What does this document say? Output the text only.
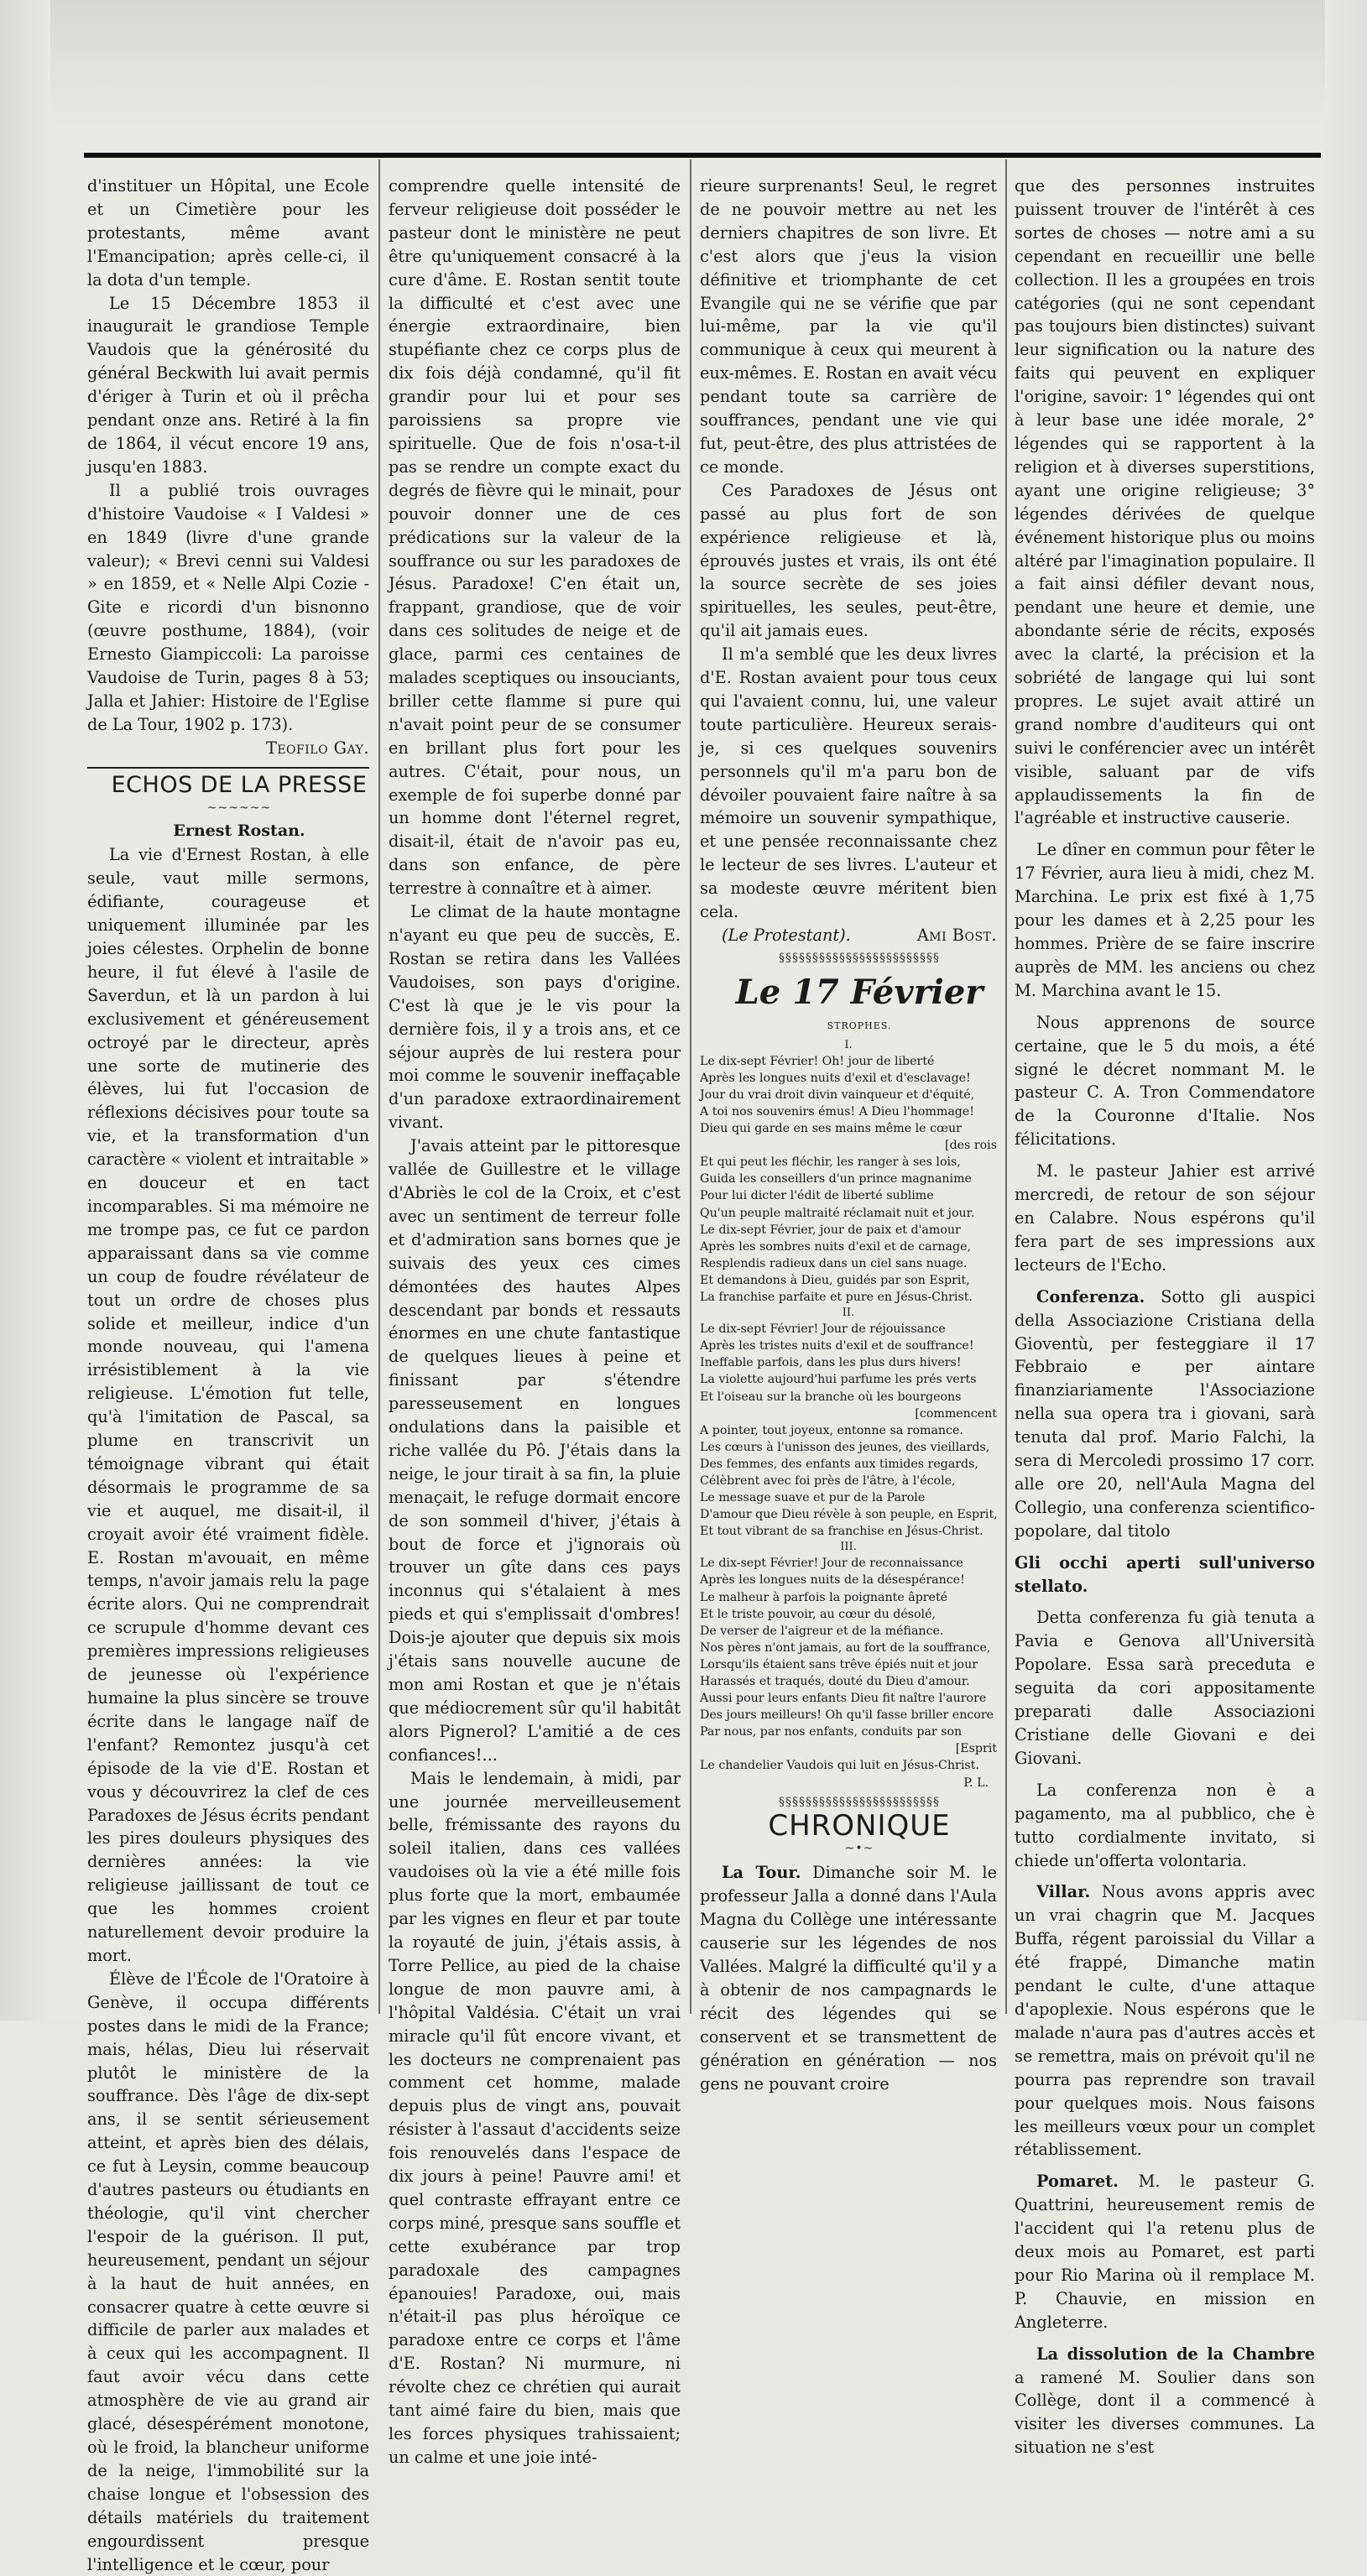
d'instituer un Hôpital, une Ecole et un Cimetière pour les protestants, même avant l'Emancipation; après celle-ci, il la dota d'un temple.

Le 15 Décembre 1853 il inaugurait le grandiose Temple Vaudois que la générosité du général Beckwith lui avait permis d'ériger à Turin et où il prêcha pendant onze ans. Retiré à la fin de 1864, il vécut encore 19 ans, jusqu'en 1883.

Il a publié trois ouvrages d'histoire Vaudoise « I Valdesi » en 1849 (livre d'une grande valeur); « Brevi cenni sui Valdesi » en 1859, et « Nelle Alpi Cozie - Gite e ricordi d'un bisnonno (œuvre posthume, 1884), (voir Ernesto Giampiccoli: La paroisse Vaudoise de Turin, pages 8 à 53; Jalla et Jahier: Histoire de l'Eglise de La Tour, 1902 p. 173).

Teofilo Gay.

ECHOS DE LA PRESSE

~~~~~~

Ernest Rostan.

La vie d'Ernest Rostan, à elle seule, vaut mille sermons, édifiante, courageuse et uniquement illuminée par les joies célestes. Orphelin de bonne heure, il fut élevé à l'asile de Saverdun, et là un pardon à lui exclusivement et généreusement octroyé par le directeur, après une sorte de mutinerie des élèves, lui fut l'occasion de réflexions décisives pour toute sa vie, et la transformation d'un caractère « violent et intraitable » en douceur et en tact incomparables. Si ma mémoire ne me trompe pas, ce fut ce pardon apparaissant dans sa vie comme un coup de foudre révélateur de tout un ordre de choses plus solide et meilleur, indice d'un monde nouveau, qui l'amena irrésistiblement à la vie religieuse. L'émotion fut telle, qu'à l'imitation de Pascal, sa plume en transcrivit un témoignage vibrant qui était désormais le programme de sa vie et auquel, me disait-il, il croyait avoir été vraiment fidèle. E. Rostan m'avouait, en même temps, n'avoir jamais relu la page écrite alors. Qui ne comprendrait ce scrupule d'homme devant ces premières impressions religieuses de jeunesse où l'expérience humaine la plus sincère se trouve écrite dans le langage naïf de l'enfant? Remontez jusqu'à cet épisode de la vie d'E. Rostan et vous y découvrirez la clef de ces Paradoxes de Jésus écrits pendant les pires douleurs physiques des dernières années: la vie religieuse jaillissant de tout ce que les hommes croient naturellement devoir produire la mort.

Élève de l'École de l'Oratoire à Genève, il occupa différents postes dans le midi de la France; mais, hélas, Dieu lui réservait plutôt le ministère de la souffrance. Dès l'âge de dix-sept ans, il se sentit sérieusement atteint, et après bien des délais, ce fut à Leysin, comme beaucoup d'autres pasteurs ou étudiants en théologie, qu'il vint chercher l'espoir de la guérison. Il put, heureusement, pendant un séjour à la haut de huit années, en consacrer quatre à cette œuvre si difficile de parler aux malades et à ceux qui les accompagnent. Il faut avoir vécu dans cette atmosphère de vie au grand air glacé, désespérément monotone, où le froid, la blancheur uniforme de la neige, l'immobilité sur la chaise longue et l'obsession des détails matériels du traitement engourdissent presque l'intelligence et le cœur, pour

comprendre quelle intensité de ferveur religieuse doit posséder le pasteur dont le ministère ne peut être qu'uniquement consacré à la cure d'âme. E. Rostan sentit toute la difficulté et c'est avec une énergie extraordinaire, bien stupéfiante chez ce corps plus de dix fois déjà condamné, qu'il fit grandir pour lui et pour ses paroissiens sa propre vie spirituelle. Que de fois n'osa-t-il pas se rendre un compte exact du degrés de fièvre qui le minait, pour pouvoir donner une de ces prédications sur la valeur de la souffrance ou sur les paradoxes de Jésus. Paradoxe! C'en était un, frappant, grandiose, que de voir dans ces solitudes de neige et de glace, parmi ces centaines de malades sceptiques ou insouciants, briller cette flamme si pure qui n'avait point peur de se consumer en brillant plus fort pour les autres. C'était, pour nous, un exemple de foi superbe donné par un homme dont l'éternel regret, disait-il, était de n'avoir pas eu, dans son enfance, de père terrestre à connaître et à aimer.

Le climat de la haute montagne n'ayant eu que peu de succès, E. Rostan se retira dans les Vallées Vaudoises, son pays d'origine. C'est là que je le vis pour la dernière fois, il y a trois ans, et ce séjour auprès de lui restera pour moi comme le souvenir ineffaçable d'un paradoxe extraordinairement vivant.

J'avais atteint par le pittoresque vallée de Guillestre et le village d'Abriès le col de la Croix, et c'est avec un sentiment de terreur folle et d'admiration sans bornes que je suivais des yeux ces cimes démontées des hautes Alpes descendant par bonds et ressauts énormes en une chute fantastique de quelques lieues à peine et finissant par s'étendre paresseusement en longues ondulations dans la paisible et riche vallée du Pô. J'étais dans la neige, le jour tirait à sa fin, la pluie menaçait, le refuge dormait encore de son sommeil d'hiver, j'étais à bout de force et j'ignorais où trouver un gîte dans ces pays inconnus qui s'étalaient à mes pieds et qui s'emplissait d'ombres! Dois-je ajouter que depuis six mois j'étais sans nouvelle aucune de mon ami Rostan et que je n'étais que médiocrement sûr qu'il habitât alors Pignerol? L'amitié a de ces confiances!...

Mais le lendemain, à midi, par une journée merveilleusement belle, frémissante des rayons du soleil italien, dans ces vallées vaudoises où la vie a été mille fois plus forte que la mort, embaumée par les vignes en fleur et par toute la royauté de juin, j'étais assis, à Torre Pellice, au pied de la chaise longue de mon pauvre ami, à l'hôpital Valdésia. C'était un vrai miracle qu'il fût encore vivant, et les docteurs ne comprenaient pas comment cet homme, malade depuis plus de vingt ans, pouvait résister à l'assaut d'accidents seize fois renouvelés dans l'espace de dix jours à peine! Pauvre ami! et quel contraste effrayant entre ce corps miné, presque sans souffle et cette exubérance par trop paradoxale des campagnes épanouies! Paradoxe, oui, mais n'était-il pas plus héroïque ce paradoxe entre ce corps et l'âme d'E. Rostan? Ni murmure, ni révolte chez ce chrétien qui aurait tant aimé faire du bien, mais que les forces physiques trahissaient; un calme et une joie inté-

rieure surprenants! Seul, le regret de ne pouvoir mettre au net les derniers chapitres de son livre. Et c'est alors que j'eus la vision définitive et triomphante de cet Evangile qui ne se vérifie que par lui-même, par la vie qu'il communique à ceux qui meurent à eux-mêmes. E. Rostan en avait vécu pendant toute sa carrière de souffrances, pendant une vie qui fut, peut-être, des plus attristées de ce monde.

Ces Paradoxes de Jésus ont passé au plus fort de son expérience religieuse et là, éprouvés justes et vrais, ils ont été la source secrète de ses joies spirituelles, les seules, peut-être, qu'il ait jamais eues.

Il m'a semblé que les deux livres d'E. Rostan avaient pour tous ceux qui l'avaient connu, lui, une valeur toute particulière. Heureux serais-je, si ces quelques souvenirs personnels qu'il m'a paru bon de dévoiler pouvaient faire naître à sa mémoire un souvenir sympathique, et une pensée reconnaissante chez le lecteur de ses livres. L'auteur et sa modeste œuvre méritent bien cela.

(Le Protestant).	Ami Bost.

§§§§§§§§§§§§§§§§§§§§§§§§

Le 17 Février

STROPHES.

I.
Le dix-sept Février! Oh! jour de liberté
Après les longues nuits d'exil et d'esclavage!
Jour du vrai droit divin vainqueur et d'équité,
A toi nos souvenirs émus! A Dieu l'hommage!
Dieu qui garde en ses mains même le cœur
[des rois
Et qui peut les fléchir, les ranger à ses lois,
Guida les conseillers d'un prince magnanime
Pour lui dicter l'édit de liberté sublime
Qu'un peuple maltraité réclamait nuit et jour.
Le dix-sept Février, jour de paix et d'amour
Après les sombres nuits d'exil et de carnage,
Resplendis radieux dans un ciel sans nuage.
Et demandons à Dieu, guidés par son Esprit,
La franchise parfaite et pure en Jésus-Christ.
II.
Le dix-sept Février! Jour de réjouissance
Après les tristes nuits d'exil et de souffrance!
Ineffable parfois, dans les plus durs hivers!
La violette aujourd'hui parfume les prés verts
Et l'oiseau sur la branche où les bourgeons
[commencent
A pointer, tout joyeux, entonne sa romance.
Les cœurs à l'unisson des jeunes, des vieillards,
Des femmes, des enfants aux timides regards,
Célèbrent avec foi près de l'âtre, à l'école,
Le message suave et pur de la Parole
D'amour que Dieu révèle à son peuple, en Esprit,
Et tout vibrant de sa franchise en Jésus-Christ.
III.
Le dix-sept Février! Jour de reconnaissance
Après les longues nuits de la désespérance!
Le malheur à parfois la poignante âpreté
Et le triste pouvoir, au cœur du désolé,
De verser de l'aigreur et de la méfiance.
Nos pères n'ont jamais, au fort de la souffrance,
Lorsqu'ils étaient sans trêve épiés nuit et jour
Harassés et traqués, douté du Dieu d'amour.
Aussi pour leurs enfants Dieu fit naître l'aurore
Des jours meilleurs! Oh qu'il fasse briller encore
Par nous, par nos enfants, conduits par son
[Esprit
Le chandelier Vaudois qui luit en Jésus-Christ.
P. L.

§§§§§§§§§§§§§§§§§§§§§§§§

CHRONIQUE

~•~

La Tour. Dimanche soir M. le professeur Jalla a donné dans l'Aula Magna du Collège une intéressante causerie sur les légendes de nos Vallées. Malgré la difficulté qu'il y a à obtenir de nos campagnards le récit des légendes qui se conservent et se transmettent de génération en génération — nos gens ne pouvant croire

que des personnes instruites puissent trouver de l'intérêt à ces sortes de choses — notre ami a su cependant en recueillir une belle collection. Il les a groupées en trois catégories (qui ne sont cependant pas toujours bien distinctes) suivant leur signification ou la nature des faits qui peuvent en expliquer l'origine, savoir: 1° légendes qui ont à leur base une idée morale, 2° légendes qui se rapportent à la religion et à diverses superstitions, ayant une origine religieuse; 3° légendes dérivées de quelque événement historique plus ou moins altéré par l'imagination populaire. Il a fait ainsi défiler devant nous, pendant une heure et demie, une abondante série de récits, exposés avec la clarté, la précision et la sobriété de langage qui lui sont propres. Le sujet avait attiré un grand nombre d'auditeurs qui ont suivi le conférencier avec un intérêt visible, saluant par de vifs applaudissements la fin de l'agréable et instructive causerie.

Le dîner en commun pour fêter le 17 Février, aura lieu à midi, chez M. Marchina. Le prix est fixé à 1,75 pour les dames et à 2,25 pour les hommes. Prière de se faire inscrire auprès de MM. les anciens ou chez M. Marchina avant le 15.

Nous apprenons de source certaine, que le 5 du mois, a été signé le décret nommant M. le pasteur C. A. Tron Commendatore de la Couronne d'Italie. Nos félicitations.

M. le pasteur Jahier est arrivé mercredi, de retour de son séjour en Calabre. Nous espérons qu'il fera part de ses impressions aux lecteurs de l'Echo.

Conferenza. Sotto gli auspici della Associazione Cristiana della Gioventù, per festeggiare il 17 Febbraio e per aintare finanziariamente l'Associazione nella sua opera tra i giovani, sarà tenuta dal prof. Mario Falchi, la sera di Mercoledi prossimo 17 corr. alle ore 20, nell'Aula Magna del Collegio, una conferenza scientifico-popolare, dal titolo

Gli occhi aperti sull'universo stellato.

Detta conferenza fu già tenuta a Pavia e Genova all'Università Popolare. Essa sarà preceduta e seguita da cori appositamente preparati dalle Associazioni Cristiane delle Giovani e dei Giovani.

La conferenza non è a pagamento, ma al pubblico, che è tutto cordialmente invitato, si chiede un'offerta volontaria.

Villar. Nous avons appris avec un vrai chagrin que M. Jacques Buffa, régent paroissial du Villar a été frappé, Dimanche matin pendant le culte, d'une attaque d'apoplexie. Nous espérons que le malade n'aura pas d'autres accès et se remettra, mais on prévoit qu'il ne pourra pas reprendre son travail pour quelques mois. Nous faisons les meilleurs vœux pour un complet rétablissement.

Pomaret. M. le pasteur G. Quattrini, heureusement remis de l'accident qui l'a retenu plus de deux mois au Pomaret, est parti pour Rio Marina où il remplace M. P. Chauvie, en mission en Angleterre.

La dissolution de la Chambre a ramené M. Soulier dans son Collège, dont il a commencé à visiter les diverses communes. La situation ne s'est
